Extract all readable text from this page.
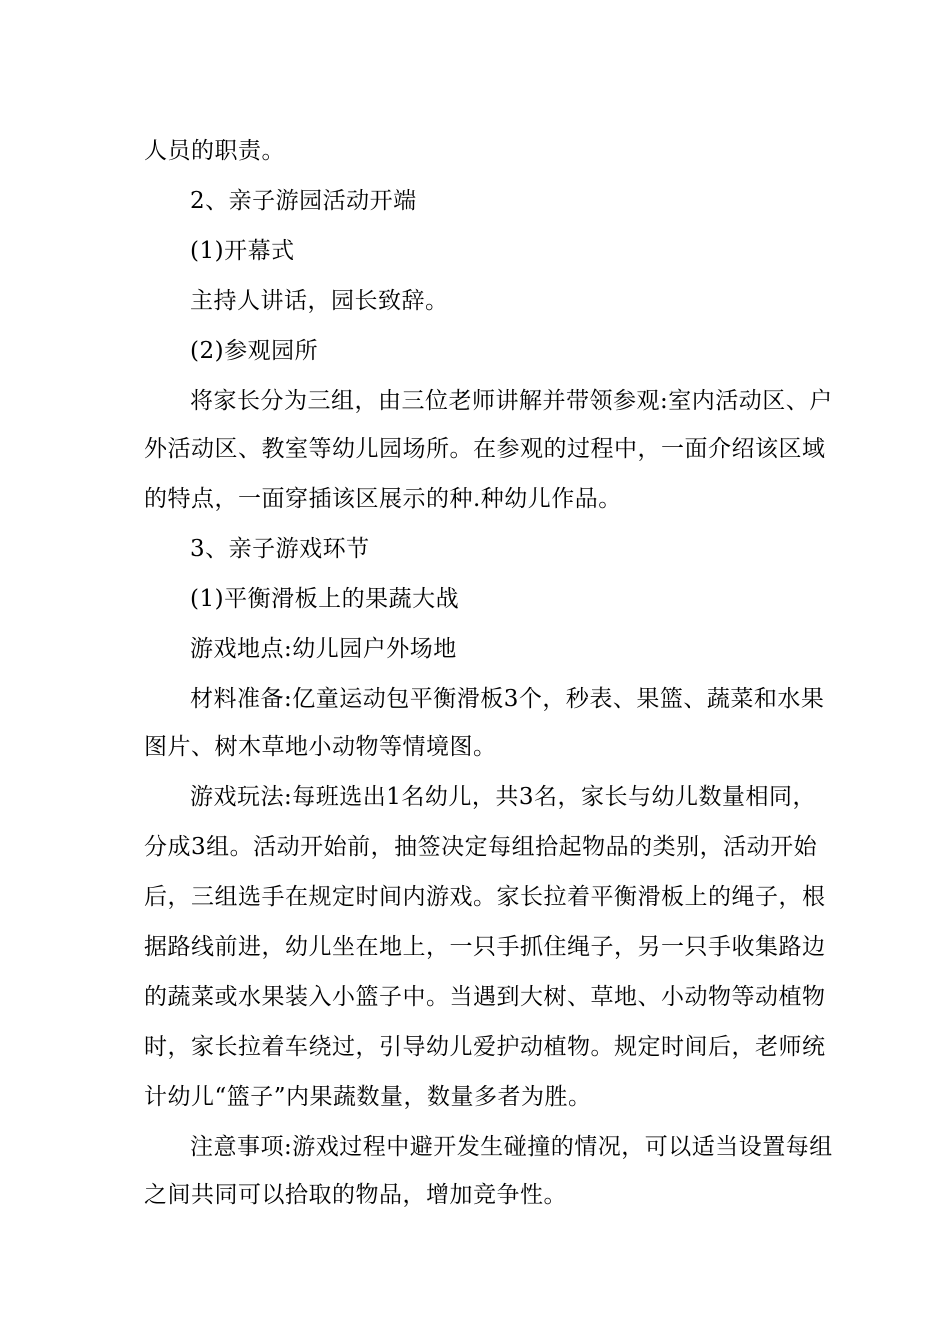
人员的职责。
2、亲子游园活动开端
(1)开幕式
主持人讲话，园长致辞。
(2)参观园所
将家长分为三组，由三位老师讲解并带领参观:室内活动区、户
外活动区、教室等幼儿园场所。在参观的过程中，一面介绍该区域
的特点，一面穿插该区展示的种.种幼儿作品。
3、亲子游戏环节
(1)平衡滑板上的果蔬大战
游戏地点:幼儿园户外场地
材料准备:亿童运动包平衡滑板3个，秒表、果篮、蔬菜和水果
图片、树木草地小动物等情境图。
游戏玩法:每班选出1名幼儿，共3名，家长与幼儿数量相同，
分成3组。活动开始前，抽签决定每组拾起物品的类别，活动开始
后，三组选手在规定时间内游戏。家长拉着平衡滑板上的绳子，根
据路线前进，幼儿坐在地上，一只手抓住绳子，另一只手收集路边
的蔬菜或水果装入小篮子中。当遇到大树、草地、小动物等动植物
时，家长拉着车绕过，引导幼儿爱护动植物。规定时间后，老师统
计幼儿“篮子”内果蔬数量，数量多者为胜。
注意事项:游戏过程中避开发生碰撞的情况，可以适当设置每组
之间共同可以拾取的物品，增加竞争性。
